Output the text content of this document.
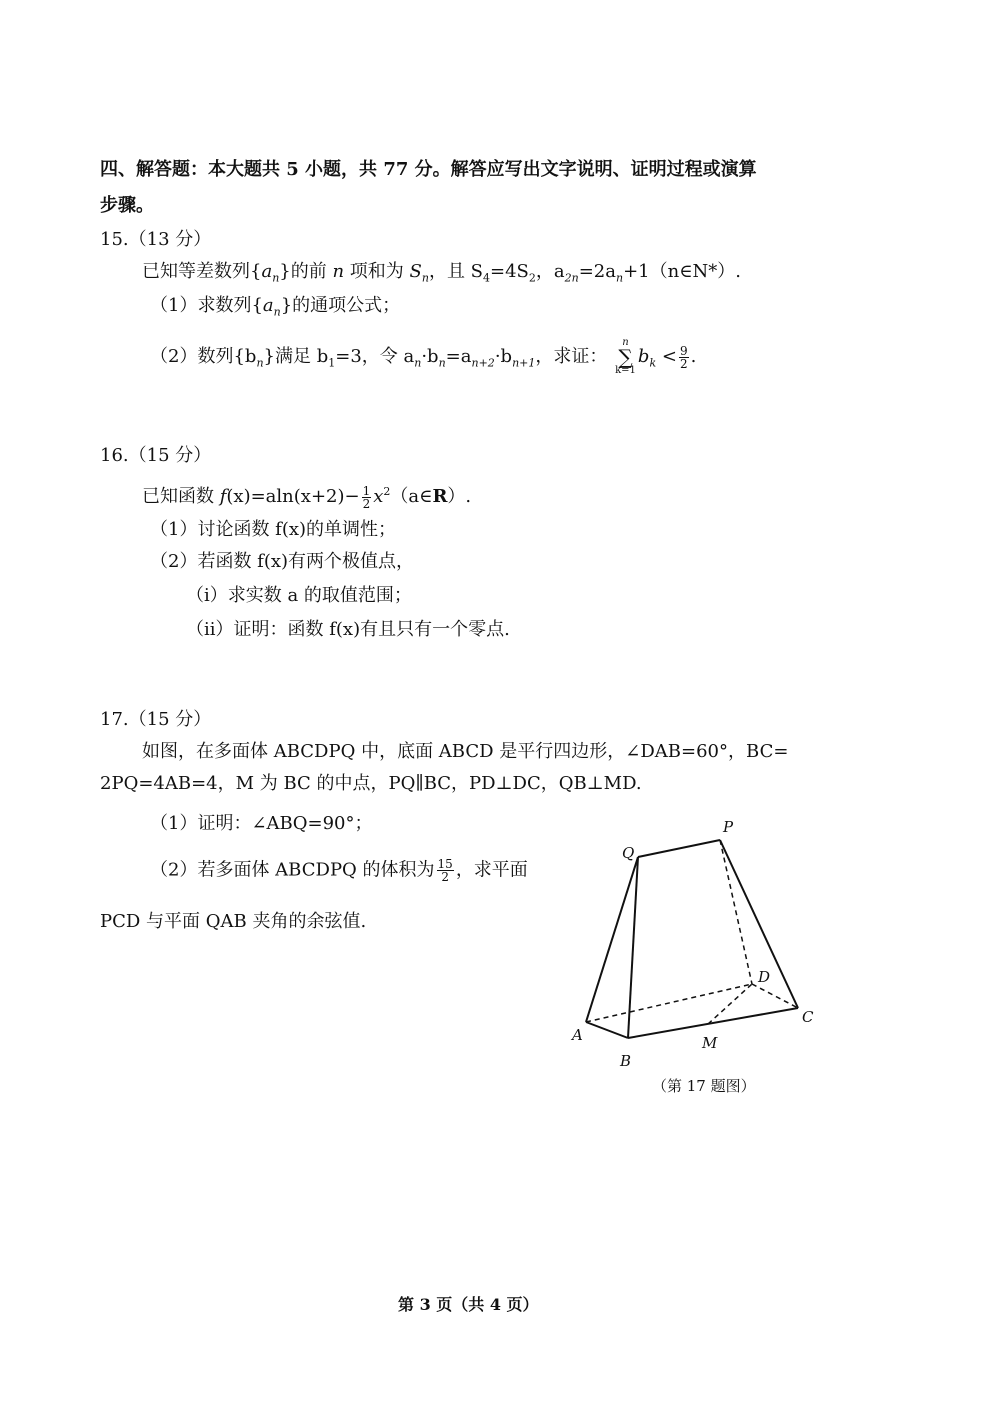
四、解答题：本大题共 5 小题，共 77 分。解答应写出文字说明、证明过程或演算
步骤。
15.（13 分）
已知等差数列$\{a_n\}$的前 n 项和为 $S_n$，且 $S_4=4S_2$，$a_{2n}=2a_n+1(n\in N*)$.
（1）求数列$\{a_n\}$的通项公式；
（2）数列$\{b_n\}$满足 $b_1=3$，令 $a_n\cdot b_n=a_{n+2}\cdot b_{n+1}$，求证： n
∑
$k=1b_k < \frac{9}{2}$ .
16.（15 分）
已知函数 $f(x)=aln(x+2)- \frac{1}{2}$ $x^2(a\in R)$.
（1）讨论函数 f(x)的单调性；
（2）若函数 f(x)有两个极值点，
（i）求实数 a 的取值范围；
（ii）证明：函数 f(x)有且只有一个零点.
17.（15 分）
如图，在多面体 ABCDPQ 中，底面 ABCD 是平行四边形，∠DAB=60°，BC=
2PQ=4AB=4，M 为 BC 的中点，PQ∥BC，PD⊥DC，QB⊥MD.
（1）证明：∠ABQ=90°；
（2）若多面体 ABCDPQ 的体积为 $\frac{15}{2}$ ，求平面
PCD 与平面 QAB 夹角的余弦值.
Q
P
A
B
C
D
M
（第 17 题图）
第 3 页（共 4 页）
